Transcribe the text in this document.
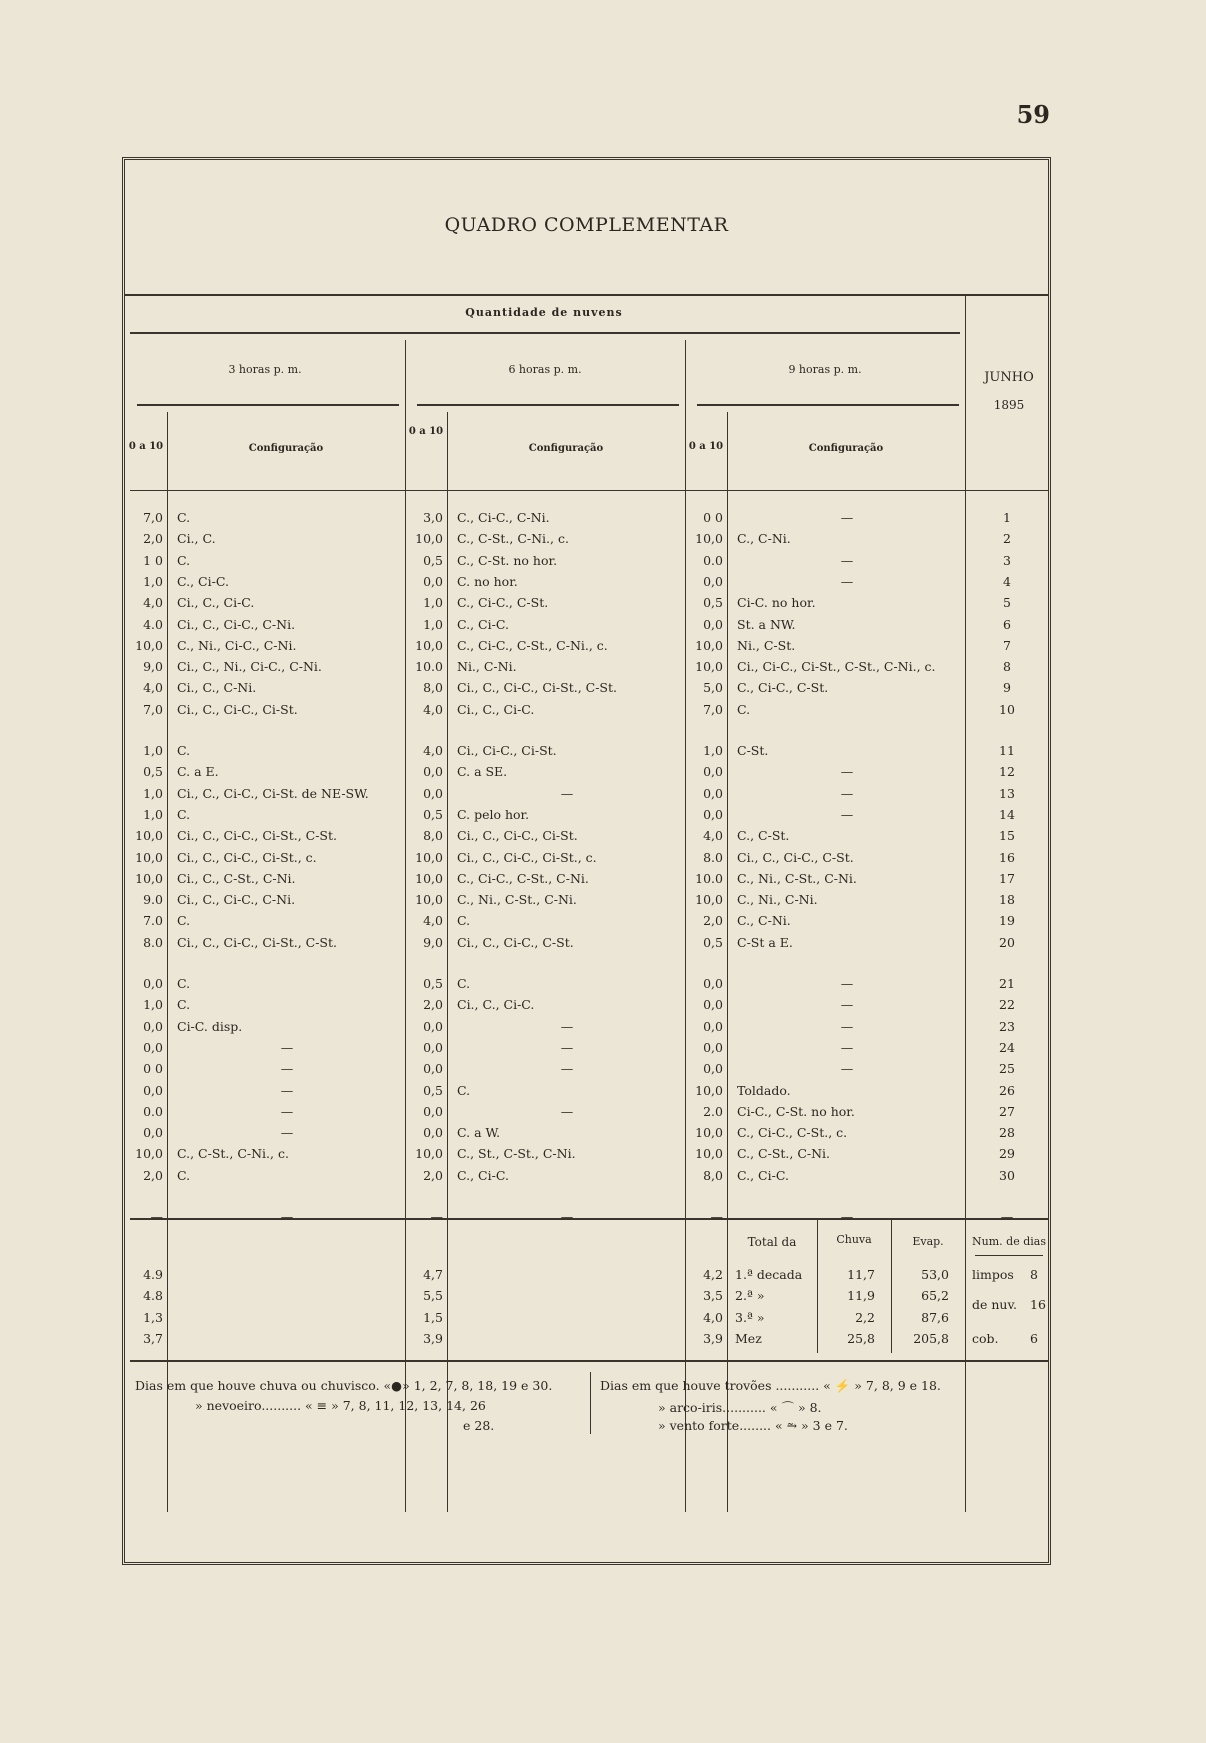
59
QUADRO COMPLEMENTAR
Quantidade de nuvens
3 horas p. m.	6 horas p. m.	9 horas p. m.
JUNHO
1895
0 a 10	Configuração
0 a 10
Configuração	0 a 10	Configuração
7,0 C.	3,0 C., Ci-C., C-Ni.	0 0	—	1
2,0 Ci., C.	10,0 C., C-St., C-Ni., c.	10,0 C., C-Ni.	2
1 0 C.	0,5 C., C-St. no hor.	0.0	—	3
1,0 C., Ci-C.	0,0 C. no hor.	0,0	—	4
4,0 Ci., C., Ci-C.	1,0 C., Ci-C., C-St.	0,5 Ci-C. no hor.	5
4.0 Ci., C., Ci-C., C-Ni.	1,0 C., Ci-C.	0,0 St. a NW.	6
10,0 C., Ni., Ci-C., C-Ni.	10,0 C., Ci-C., C-St., C-Ni., c.	10,0 Ni., C-St.	7
9,0 Ci., C., Ni., Ci-C., C-Ni.	10.0 Ni., C-Ni.	10,0 Ci., Ci-C., Ci-St., C-St., C-Ni., c.	8
4,0 Ci., C., C-Ni.	8,0 Ci., C., Ci-C., Ci-St., C-St.	5,0 C., Ci-C., C-St.	9
7,0 Ci., C., Ci-C., Ci-St.	4,0 Ci., C., Ci-C.	7,0 C.	10
1,0 C.	4,0 Ci., Ci-C., Ci-St.	1,0 C-St.	11
0,5 C. a E.	0,0 C. a SE.	0,0	—	12
1,0 Ci., C., Ci-C., Ci-St. de NE-SW.	0,0	—	0,0	—	13
1,0 C.	0,5 C. pelo hor.	0,0	—	14
10,0 Ci., C., Ci-C., Ci-St., C-St.	8,0 Ci., C., Ci-C., Ci-St.	4,0 C., C-St.	15
10,0 Ci., C., Ci-C., Ci-St., c.	10,0 Ci., C., Ci-C., Ci-St., c.	8.0 Ci., C., Ci-C., C-St.	16
10,0 Ci., C., C-St., C-Ni.	10,0 C., Ci-C., C-St., C-Ni.	10.0 C., Ni., C-St., C-Ni.	17
9.0 Ci., C., Ci-C., C-Ni.	10,0 C., Ni., C-St., C-Ni.	10,0 C., Ni., C-Ni.	18
7.0 C.	4,0 C.	2,0 C., C-Ni.	19
8.0 Ci., C., Ci-C., Ci-St., C-St.	9,0 Ci., C., Ci-C., C-St.	0,5 C-St a E.	20
0,0 C.	0,5 C.	0,0	—	21
1,0 C.	2,0 Ci., C., Ci-C.	0,0	—	22
0,0 Ci-C. disp.	0,0	—	0,0	—	23
0,0	—	0,0	—	0,0	—	24
0 0	—	0,0	—	0,0	—	25
0,0	—	0,5 C.	10,0 Toldado.	26
0.0	—	0,0	—	2.0 Ci-C., C-St. no hor.	27
0,0	—	0,0 C. a W.	10,0 C., Ci-C., C-St., c.	28
10,0 C., C-St., C-Ni., c.	10,0 C., St., C-St., C-Ni.	10,0 C., C-St., C-Ni.	29
2,0 C.	2,0 C., Ci-C.	8,0 C., Ci-C.	30
—	—	—	—	—	—	—
Total da	Chuva	Evap.	Num. de dias
4.9	4,7	4,2 1.ª decada	11,7	53,0
4.8	5,5	3,5 2.ª »	11,9	65,2
1,3	1,5	4,0 3.ª »	2,2	87,6
3,7	3,9	3,9 Mez	25,8	205,8
limpos 8
de nuv. 16
cob.	6
Dias em que houve chuva ou chuvisco. «●» 1, 2, 7, 8, 18, 19 e 30.
» nevoeiro.......... « ≡ » 7, 8, 11, 12, 13, 14, 26
e 28.
Dias em que houve trovões ........... « ⚡ » 7, 8, 9 e 18.
» arco-iris........... « ⌒ » 8.
» vento forte........ « ⥲ » 3 e 7.
